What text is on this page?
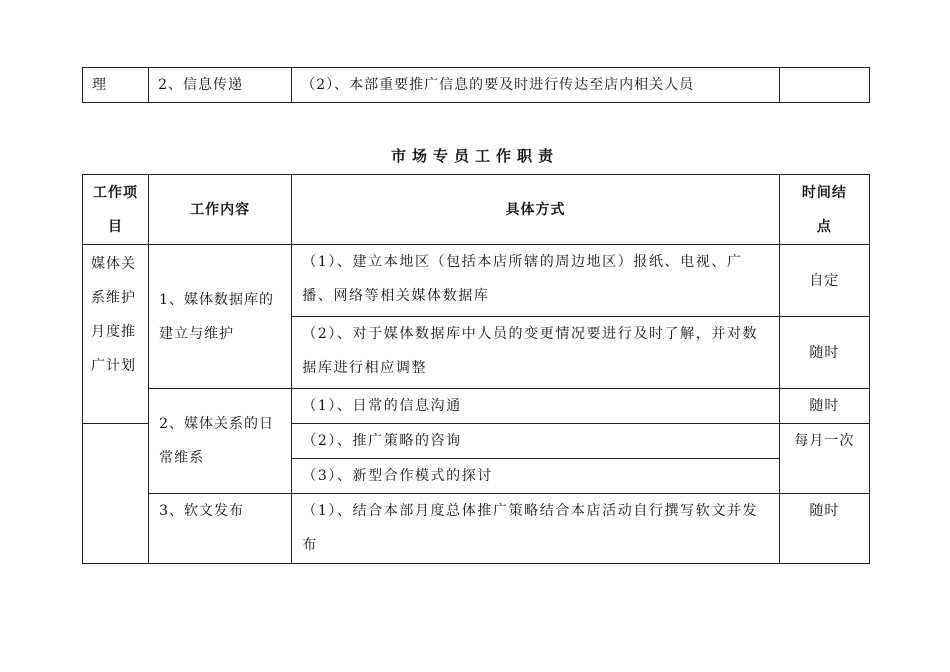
理	2、信息传递	（2）、本部重要推广信息的要及时进行传达至店内相关人员	
市场专员工作职责
工作项目	工作内容	具体方式	时间结点
媒体关系维护月度推广计划	1、媒体数据库的建立与维护	（1）、建立本地区（包括本店所辖的周边地区）报纸、电视、广播、网络等相关媒体数据库	自定
		（2）、对于媒体数据库中人员的变更情况要进行及时了解，并对数据库进行相应调整	随时
	2、媒体关系的日常维系	（1）、日常的信息沟通	随时
		（2）、推广策略的咨询	每月一次
		（3）、新型合作模式的探讨	
	3、软文发布	（1）、结合本部月度总体推广策略结合本店活动自行撰写软文并发布	随时
